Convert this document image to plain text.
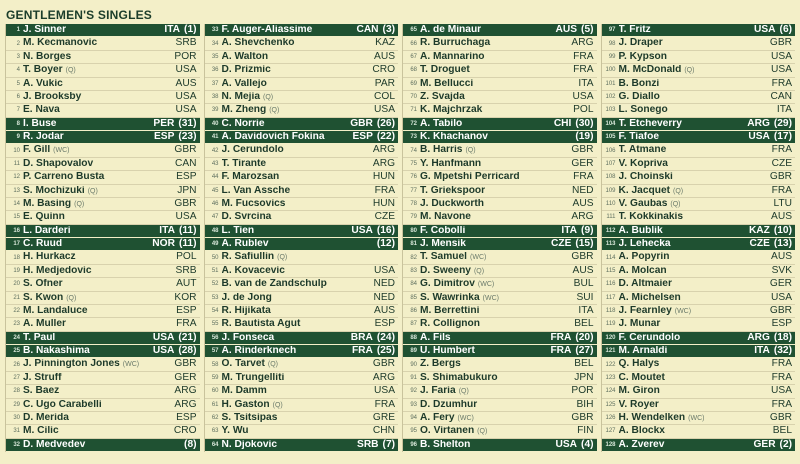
GENTLEMEN'S SINGLES
1 J. Sinner	ITA (1)
2 M. Kecmanovic	SRB
3 N. Borges	POR
4 T. Boyer (Q)	USA
5 A. Vukic	AUS
6 J. Brooksby	USA
7 E. Nava	USA
8 I. Buse	PER (31)
9 R. Jodar	ESP (23)
10 F. Gill (WC)	GBR
11 D. Shapovalov	CAN
12 P. Carreno Busta	ESP
13 S. Mochizuki (Q)	JPN
14 M. Basing (Q)	GBR
15 E. Quinn	USA
16 L. Darderi	ITA (11)
17 C. Ruud	NOR (11)
18 H. Hurkacz	POL
19 H. Medjedovic	SRB
20 S. Ofner	AUT
21 S. Kwon (Q)	KOR
22 M. Landaluce	ESP
23 A. Muller	FRA
24 T. Paul	USA (21)
25 B. Nakashima	USA (28)
26 J. Pinnington Jones (WC)	GBR
27 J. Struff	GER
28 S. Baez	ARG
29 C. Ugo Carabelli	ARG
30 D. Merida	ESP
31 M. Cilic	CRO
32 D. Medvedev	(8)
33 F. Auger-Aliassime	CAN (3)
34 A. Shevchenko	KAZ
35 A. Walton	AUS
36 D. Prizmic	CRO
37 A. Vallejo	PAR
38 N. Mejia (Q)	COL
39 M. Zheng (Q)	USA
40 C. Norrie	GBR (26)
41 A. Davidovich Fokina	ESP (22)
42 J. Cerundolo	ARG
43 T. Tirante	ARG
44 F. Marozsan	HUN
45 L. Van Assche	FRA
46 M. Fucsovics	HUN
47 D. Svrcina	CZE
48 L. Tien	USA (16)
49 A. Rublev	(12)
50 R. Safiullin (Q)
51 A. Kovacevic	USA
52 B. van de Zandschulp	NED
53 J. de Jong	NED
54 R. Hijikata	AUS
55 R. Bautista Agut	ESP
56 J. Fonseca	BRA (24)
57 A. Rinderknech	FRA (25)
58 O. Tarvet (Q)	GBR
59 M. Trungelliti	ARG
60 M. Damm	USA
61 H. Gaston (Q)	FRA
62 S. Tsitsipas	GRE
63 Y. Wu	CHN
64 N. Djokovic	SRB (7)
65 A. de Minaur	AUS (5)
66 R. Burruchaga	ARG
67 A. Mannarino	FRA
68 T. Droguet	FRA
69 M. Bellucci	ITA
70 Z. Svajda	USA
71 K. Majchrzak	POL
72 A. Tabilo	CHI (30)
73 K. Khachanov	(19)
74 B. Harris (Q)	GBR
75 Y. Hanfmann	GER
76 G. Mpetshi Perricard	FRA
77 T. Griekspoor	NED
78 J. Duckworth	AUS
79 M. Navone	ARG
80 F. Cobolli	ITA (9)
81 J. Mensik	CZE (15)
82 T. Samuel (WC)	GBR
83 D. Sweeny (Q)	AUS
84 G. Dimitrov (WC)	BUL
85 S. Wawrinka (WC)	SUI
86 M. Berrettini	ITA
87 R. Collignon	BEL
88 A. Fils	FRA (20)
89 U. Humbert	FRA (27)
90 Z. Bergs	BEL
91 S. Shimabukuro	JPN
92 J. Faria (Q)	POR
93 D. Dzumhur	BIH
94 A. Fery (WC)	GBR
95 O. Virtanen (Q)	FIN
96 B. Shelton	USA (4)
97 T. Fritz	USA (6)
98 J. Draper	GBR
99 P. Kypson	USA
100 M. McDonald (Q)	USA
101 B. Bonzi	FRA
102 G. Diallo	CAN
103 L. Sonego	ITA
104 T. Etcheverry	ARG (29)
105 F. Tiafoe	USA (17)
106 T. Atmane	FRA
107 V. Kopriva	CZE
108 J. Choinski	GBR
109 K. Jacquet (Q)	FRA
110 V. Gaubas (Q)	LTU
111 T. Kokkinakis	AUS
112 A. Bublik	KAZ (10)
113 J. Lehecka	CZE (13)
114 A. Popyrin	AUS
115 A. Molcan	SVK
116 D. Altmaier	GER
117 A. Michelsen	USA
118 J. Fearnley (WC)	GBR
119 J. Munar	ESP
120 F. Cerundolo	ARG (18)
121 M. Arnaldi	ITA (32)
122 Q. Halys	FRA
123 C. Moutet	FRA
124 M. Giron	USA
125 V. Royer	FRA
126 H. Wendelken (WC)	GBR
127 A. Blockx	BEL
128 A. Zverev	GER (2)
